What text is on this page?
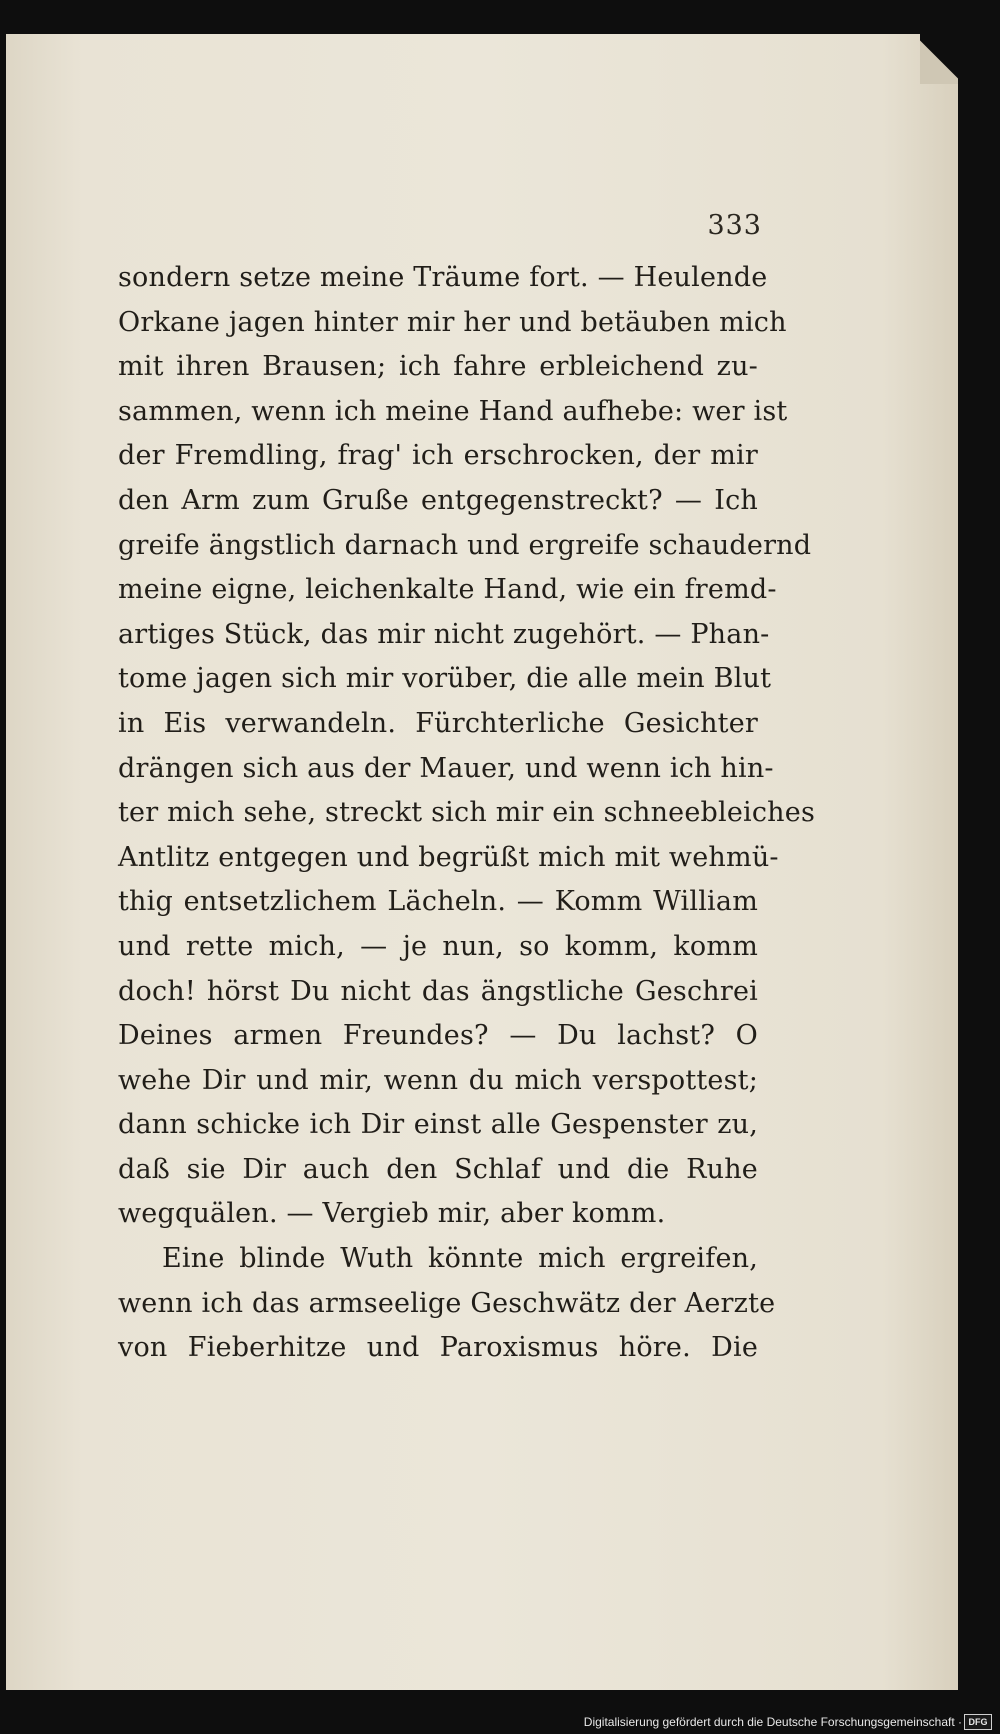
333
sondern setze meine Träume fort. — Heulende
Orkane jagen hinter mir her und betäuben mich
mit ihren Brausen; ich fahre erbleichend zu-
sammen, wenn ich meine Hand aufhebe: wer ist
der Fremdling, frag' ich erschrocken, der mir
den Arm zum Gruße entgegenstreckt? — Ich
greife ängstlich darnach und ergreife schaudernd
meine eigne, leichenkalte Hand, wie ein fremd-
artiges Stück, das mir nicht zugehört. — Phan-
tome jagen sich mir vorüber, die alle mein Blut
in Eis verwandeln. Fürchterliche Gesichter
drängen sich aus der Mauer, und wenn ich hin-
ter mich sehe, streckt sich mir ein schneebleiches
Antlitz entgegen und begrüßt mich mit wehmü-
thig entsetzlichem Lächeln. — Komm William
und rette mich, — je nun, so komm, komm
doch! hörst Du nicht das ängstliche Geschrei
Deines armen Freundes? — Du lachst? O
wehe Dir und mir, wenn du mich verspottest;
dann schicke ich Dir einst alle Gespenster zu,
daß sie Dir auch den Schlaf und die Ruhe
wegquälen. — Vergieb mir, aber komm.
Eine blinde Wuth könnte mich ergreifen,
wenn ich das armseelige Geschwätz der Aerzte
von Fieberhitze und Paroxismus höre. Die
Digitalisierung gefördert durch die Deutsche Forschungsgemeinschaft · DFG
